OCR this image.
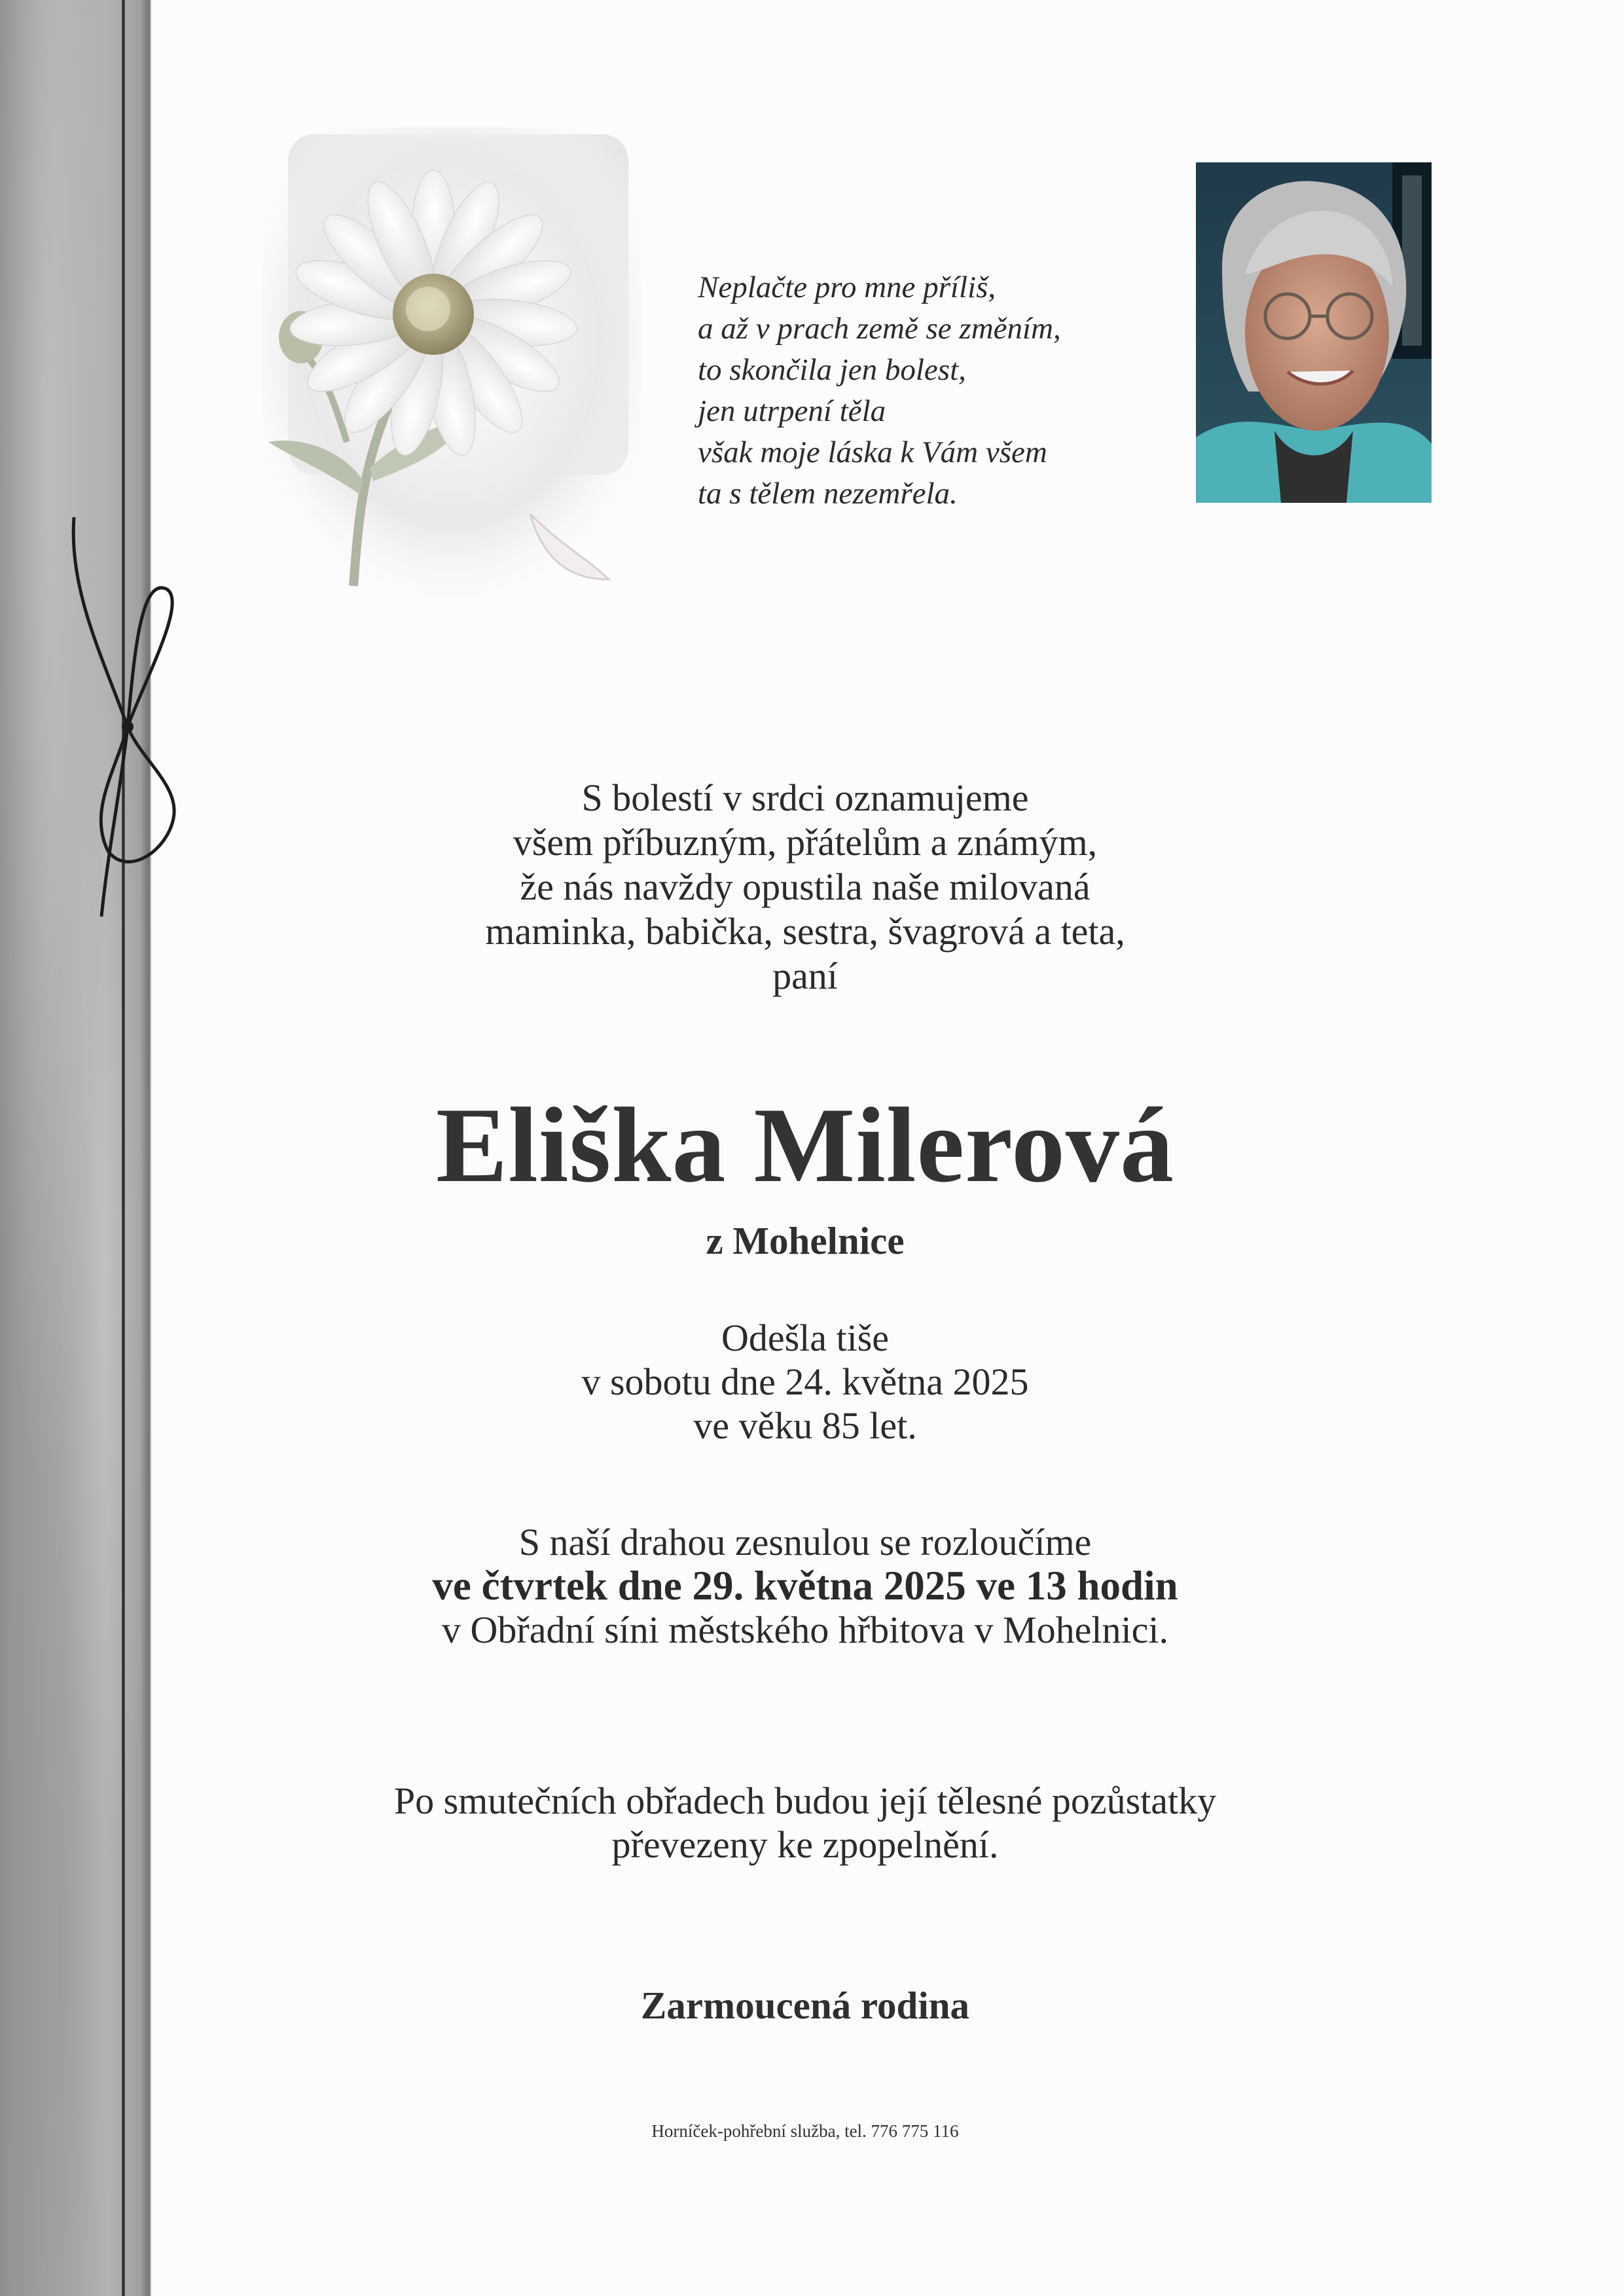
Neplačte pro mne příliš,
a až v prach země se změním,
to skončila jen bolest,
jen utrpení těla
však moje láska k Vám všem
ta s tělem nezemřela.
S bolestí v srdci oznamujeme
všem příbuzným, přátelům a známým,
že nás navždy opustila naše milovaná
maminka, babička, sestra, švagrová a teta,
paní
Eliška Milerová
z Mohelnice
Odešla tiše
v sobotu dne 24. května 2025
ve věku 85 let.
S naší drahou zesnulou se rozloučíme
ve čtvrtek dne 29. května 2025 ve 13 hodin
v Obřadní síni městského hřbitova v Mohelnici.
Po smutečních obřadech budou její tělesné pozůstatky
převezeny ke zpopelnění.
Zarmoucená rodina
Horníček-pohřební služba, tel. 776 775 116
